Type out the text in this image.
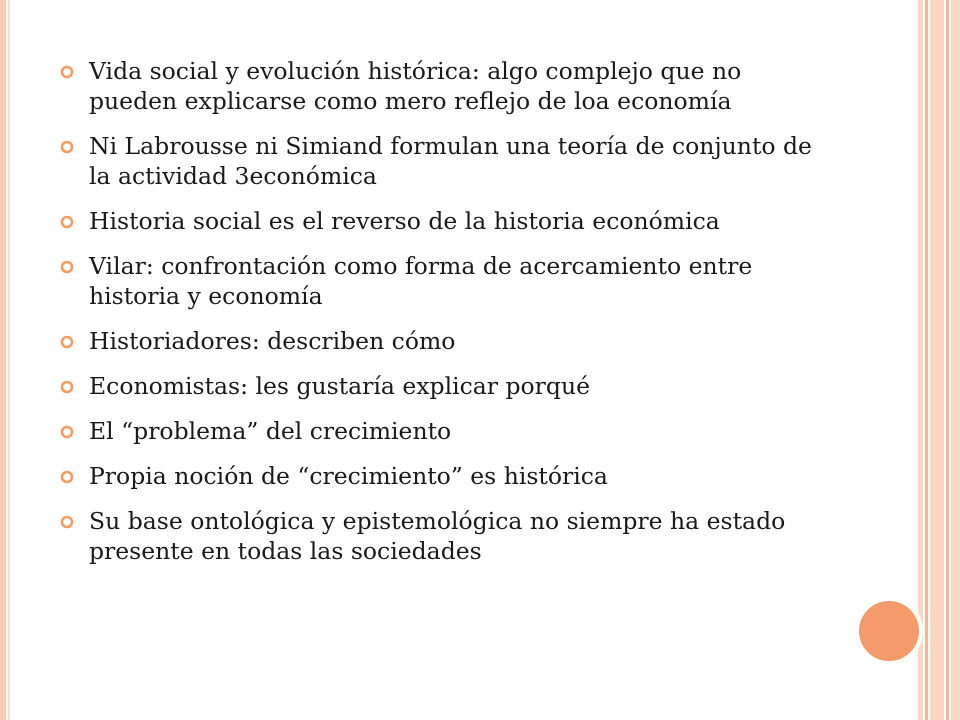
Vida social y evolución histórica: algo complejo que no pueden explicarse como mero reflejo de loa economía
Ni Labrousse ni Simiand formulan una teoría de conjunto de la actividad 3económica
Historia social es el reverso de la historia económica
Vilar: confrontación como forma de acercamiento entre historia y economía
Historiadores: describen cómo
Economistas: les gustaría explicar porqué
El “problema” del crecimiento
Propia noción de “crecimiento” es histórica
Su base ontológica y epistemológica no siempre ha estado presente en todas las sociedades
